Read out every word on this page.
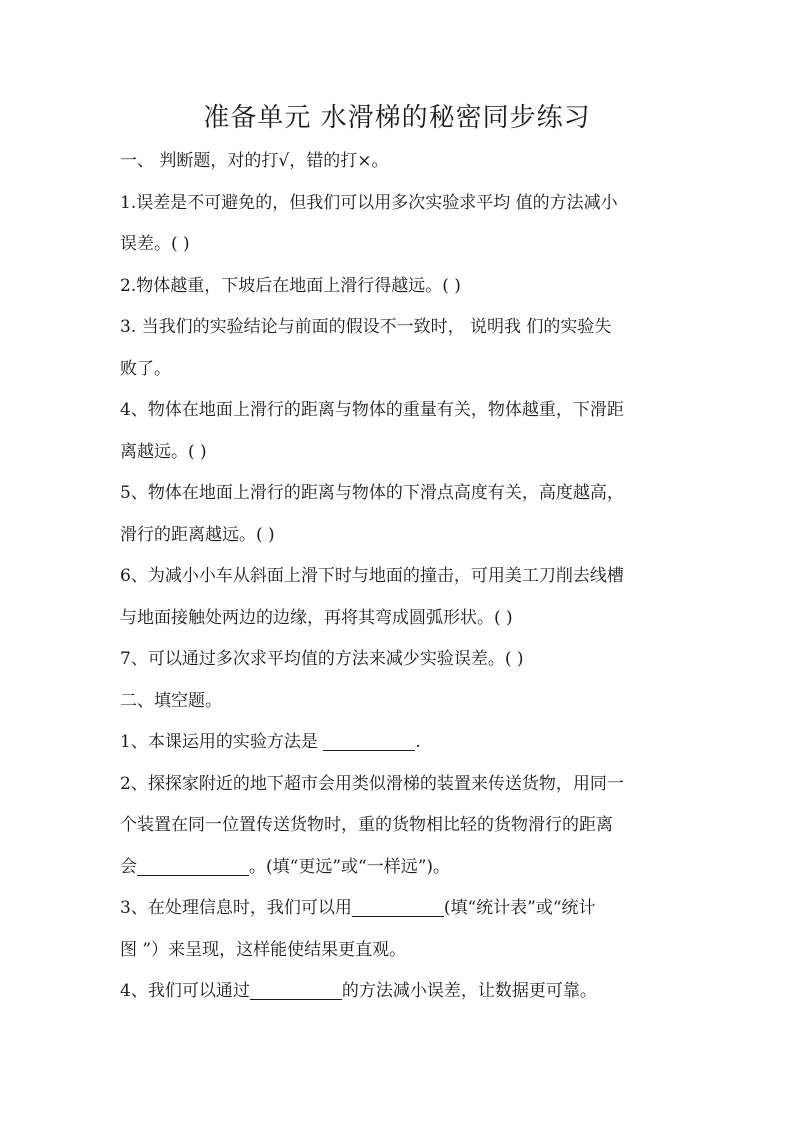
准备单元 水滑梯的秘密同步练习
一、 判断题，对的打√，错的打×。
1.误差是不可避免的，但我们可以用多次实验求平均 值的方法减小
误差。( )
2.物体越重，下坡后在地面上滑行得越远。( )
3. 当我们的实验结论与前面的假设不一致时， 说明我 们的实验失
败了。
4、物体在地面上滑行的距离与物体的重量有关，物体越重，下滑距
离越远。( )
5、物体在地面上滑行的距离与物体的下滑点高度有关，高度越高，
滑行的距离越远。( )
6、为减小小车从斜面上滑下时与地面的撞击，可用美工刀削去线槽
与地面接触处两边的边缘，再将其弯成圆弧形状。( )
7、可以通过多次求平均值的方法来减少实验误差。( )
二、填空题。
1、本课运用的实验方法是	.
2、探探家附近的地下超市会用类似滑梯的装置来传送货物，用同一
个装置在同一位置传送货物时，重的货物相比轻的货物滑行的距离
会	。(填“更远”或“一样远”)。
3、在处理信息时，我们可以用	(填“统计表”或“统计
图 ”）来呈现，这样能使结果更直观。
4、我们可以通过	的方法减小误差，让数据更可靠。
